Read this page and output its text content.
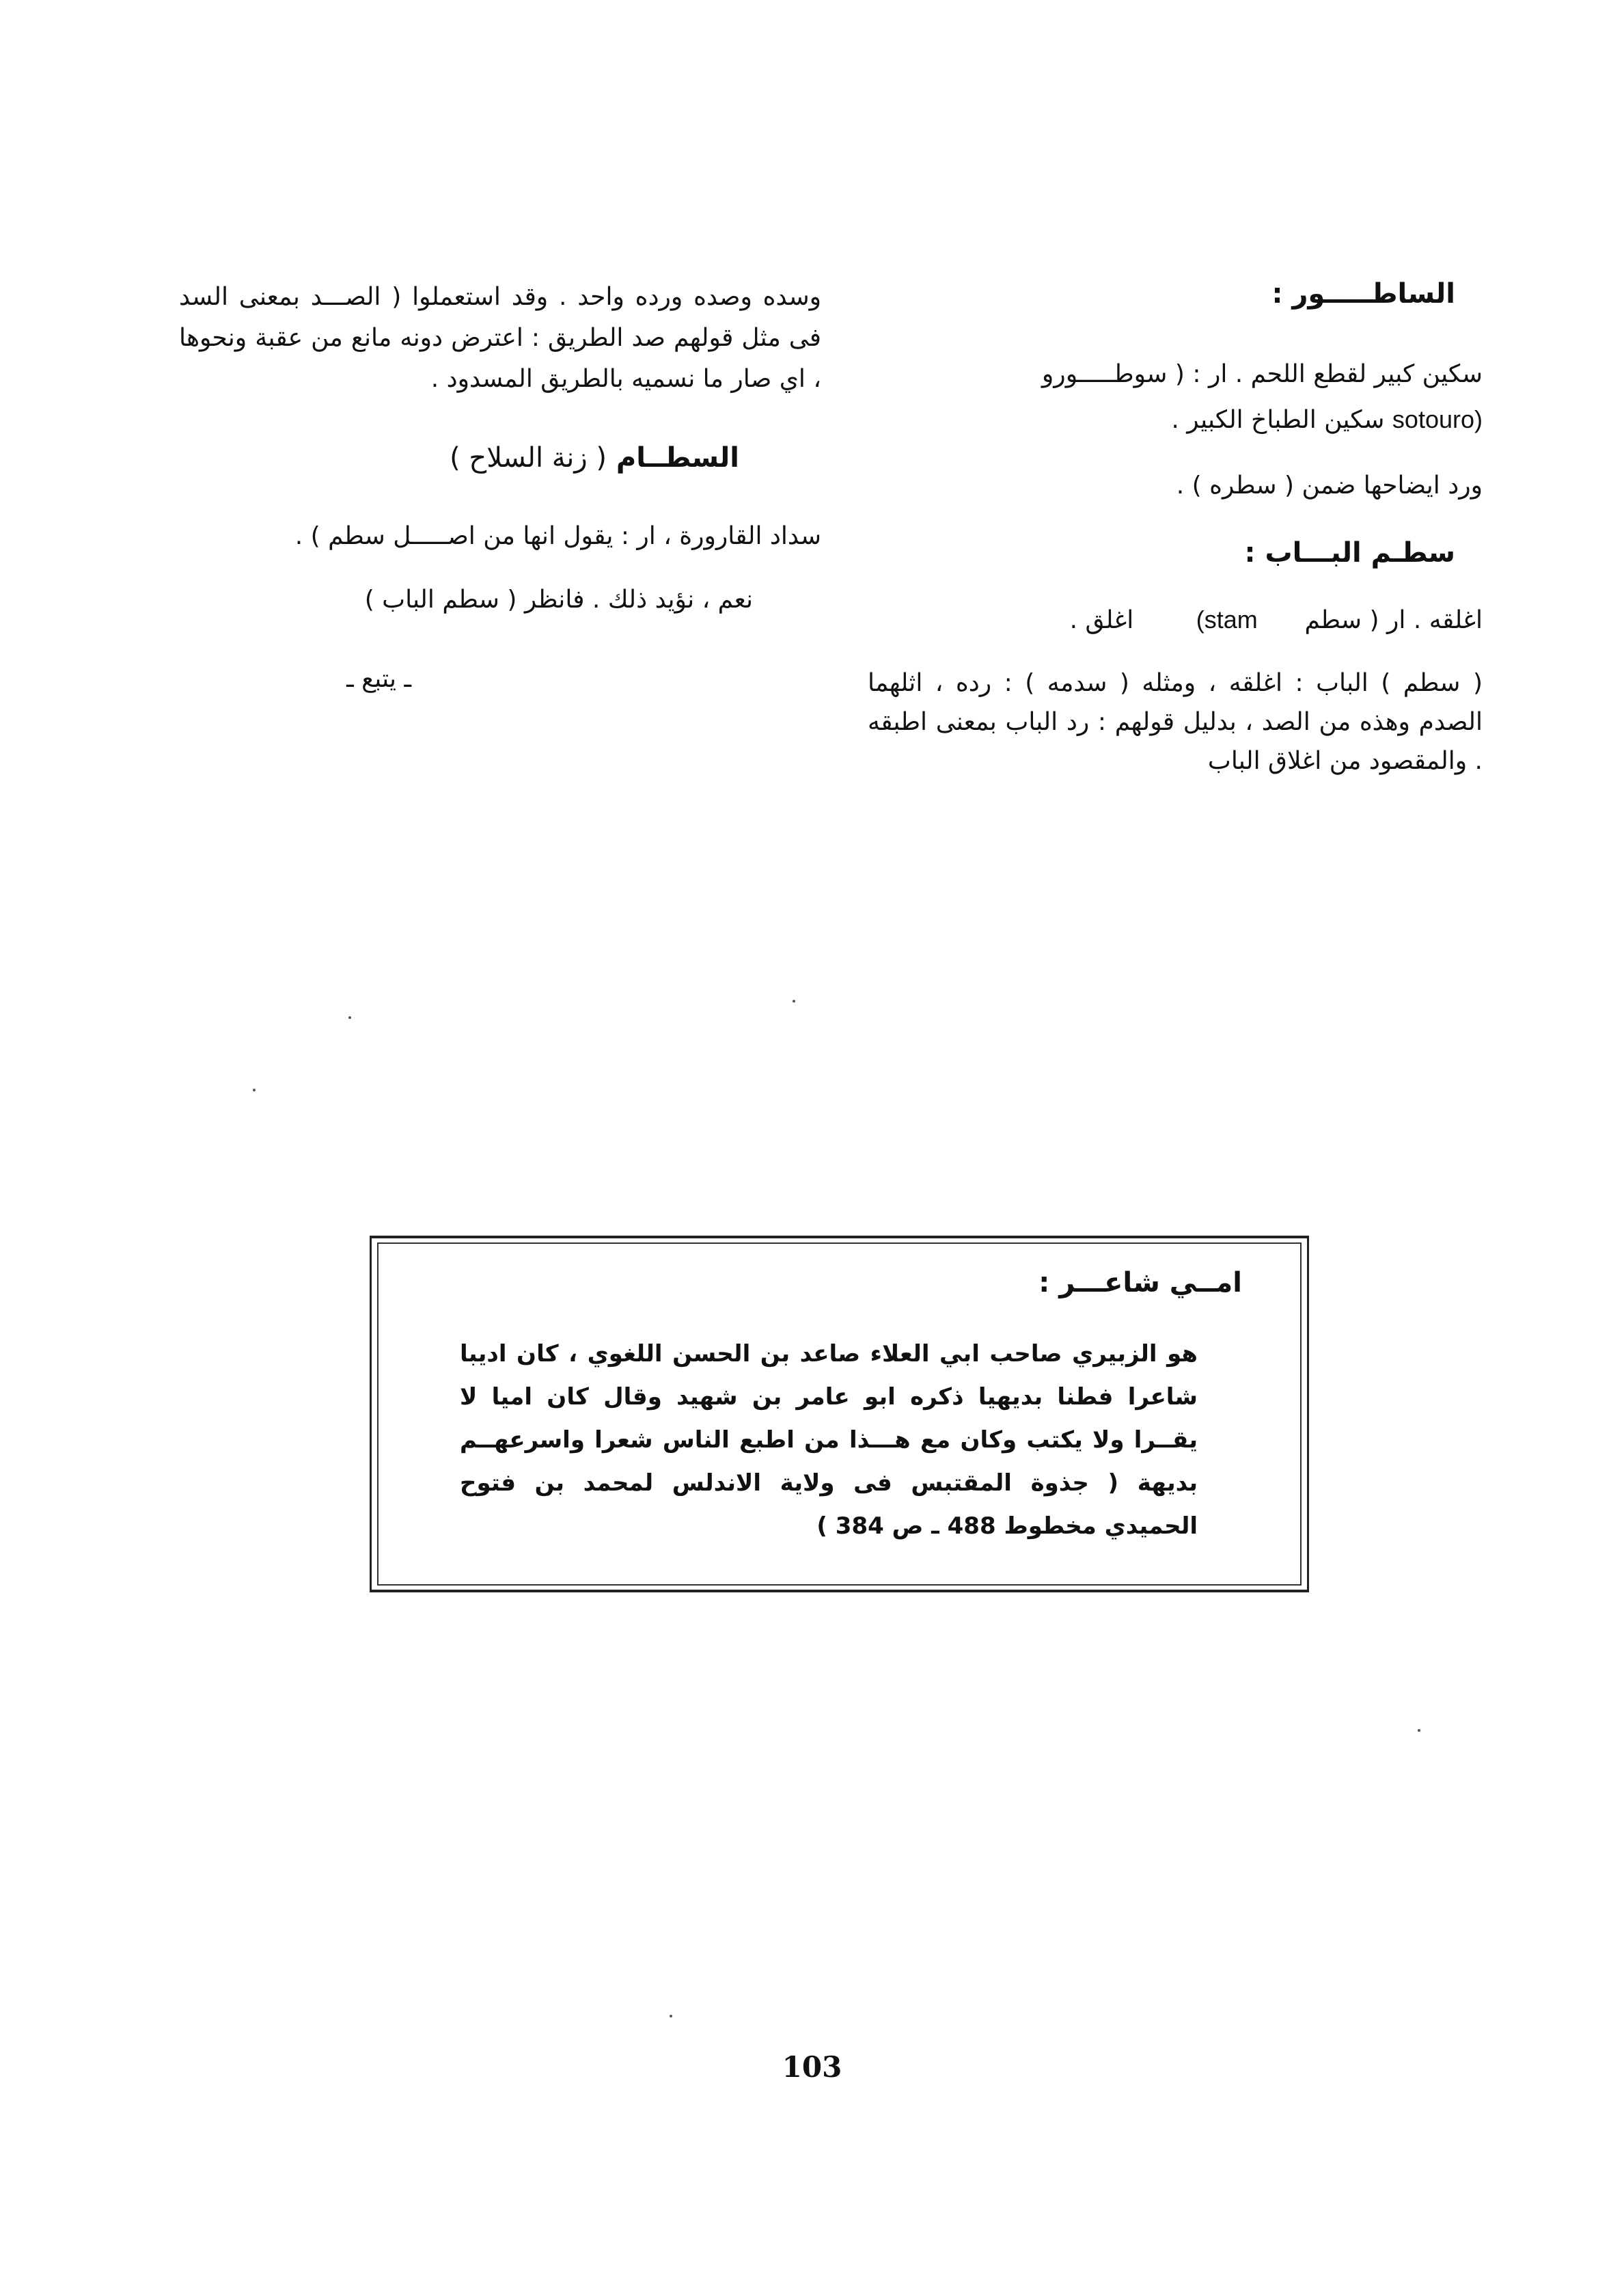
الساطـــــور :

سكين كبير لقطع اللحم . ار : ( سوطـــــورو

sotouro) سكين الطباخ الكبير .

ورد ايضاحها ضمن ( سطره ) .

سطـم البـــاب :

اغلقه . ار ( سطم      (stam        اغلق .

( سطم ) الباب : اغلقه ، ومثله ( سدمه ) : رده ، اثلهما الصدم وهذه من الصد ، بدليل قولهم : رد الباب بمعنى اطبقه . والمقصود من اغلاق الباب

وسده وصده ورده واحد . وقد استعملوا ( الصـــد بمعنى السد فى مثل قولهم صد الطريق : اعترض دونه مانع من عقبة ونحوها ، اي صار ما نسميه بالطريق المسدود .

السطــام ( زنة السلاح )

سداد القارورة ، ار : يقول انها من اصـــــل سطم ) .

نعم ، نؤيد ذلك . فانظر ( سطم الباب )

ـ يتبع ـ

امــي شاعـــر :

هو الزبيري صاحب ابي العلاء صاعد بن الحسن اللغوي ، كان اديبا شاعرا فطنا بديهيا ذكره ابو عامر بن شهيد وقال كان اميا لا يقــرا ولا يكتب وكان مع هـــذا من اطبع الناس شعرا واسرعهــم بديهة ( جذوة المقتبس فى ولاية الاندلس لمحمد بن فتوح الحميدي مخطوط 488 ـ ص 384 )

103
